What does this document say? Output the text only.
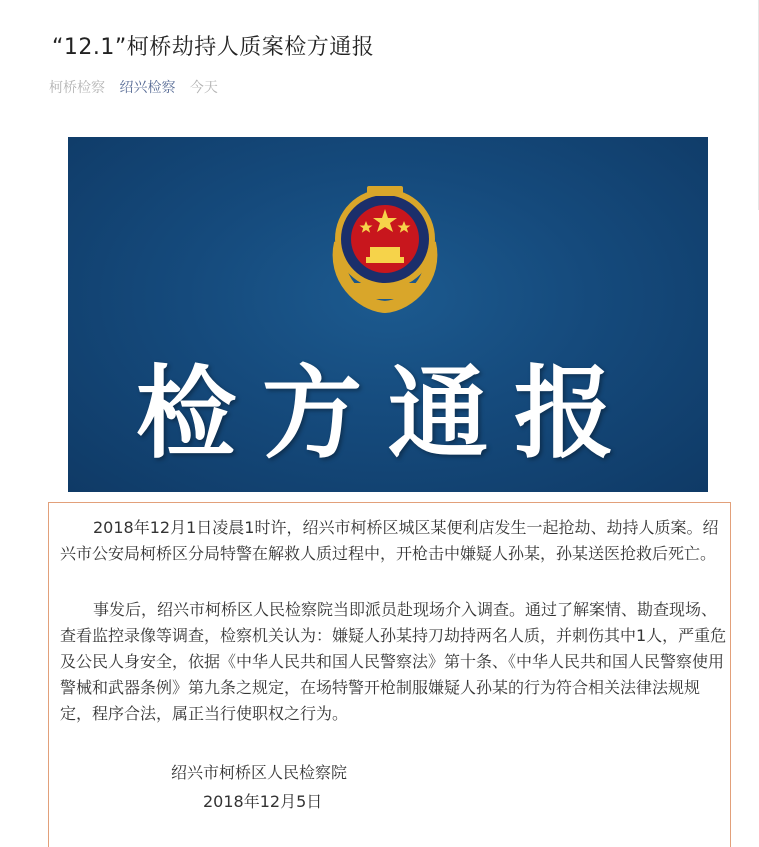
“12.1”柯桥劫持人质案检方通报
柯桥检察 绍兴检察 今天
检方通报

2018年12月1日凌晨1时许，绍兴市柯桥区城区某便利店发生一起抢劫、劫持人质案。绍兴市公安局柯桥区分局特警在解救人质过程中，开枪击中嫌疑人孙某，孙某送医抢救后死亡。

事发后，绍兴市柯桥区人民检察院当即派员赴现场介入调查。通过了解案情、勘查现场、查看监控录像等调查，检察机关认为：嫌疑人孙某持刀劫持两名人质，并刺伤其中1人，严重危及公民人身安全，依据《中华人民共和国人民警察法》第十条、《中华人民共和国人民警察使用警械和武器条例》第九条之规定，在场特警开枪制服嫌疑人孙某的行为符合相关法律法规规定，程序合法，属正当行使职权之行为。

绍兴市柯桥区人民检察院
2018年12月5日
